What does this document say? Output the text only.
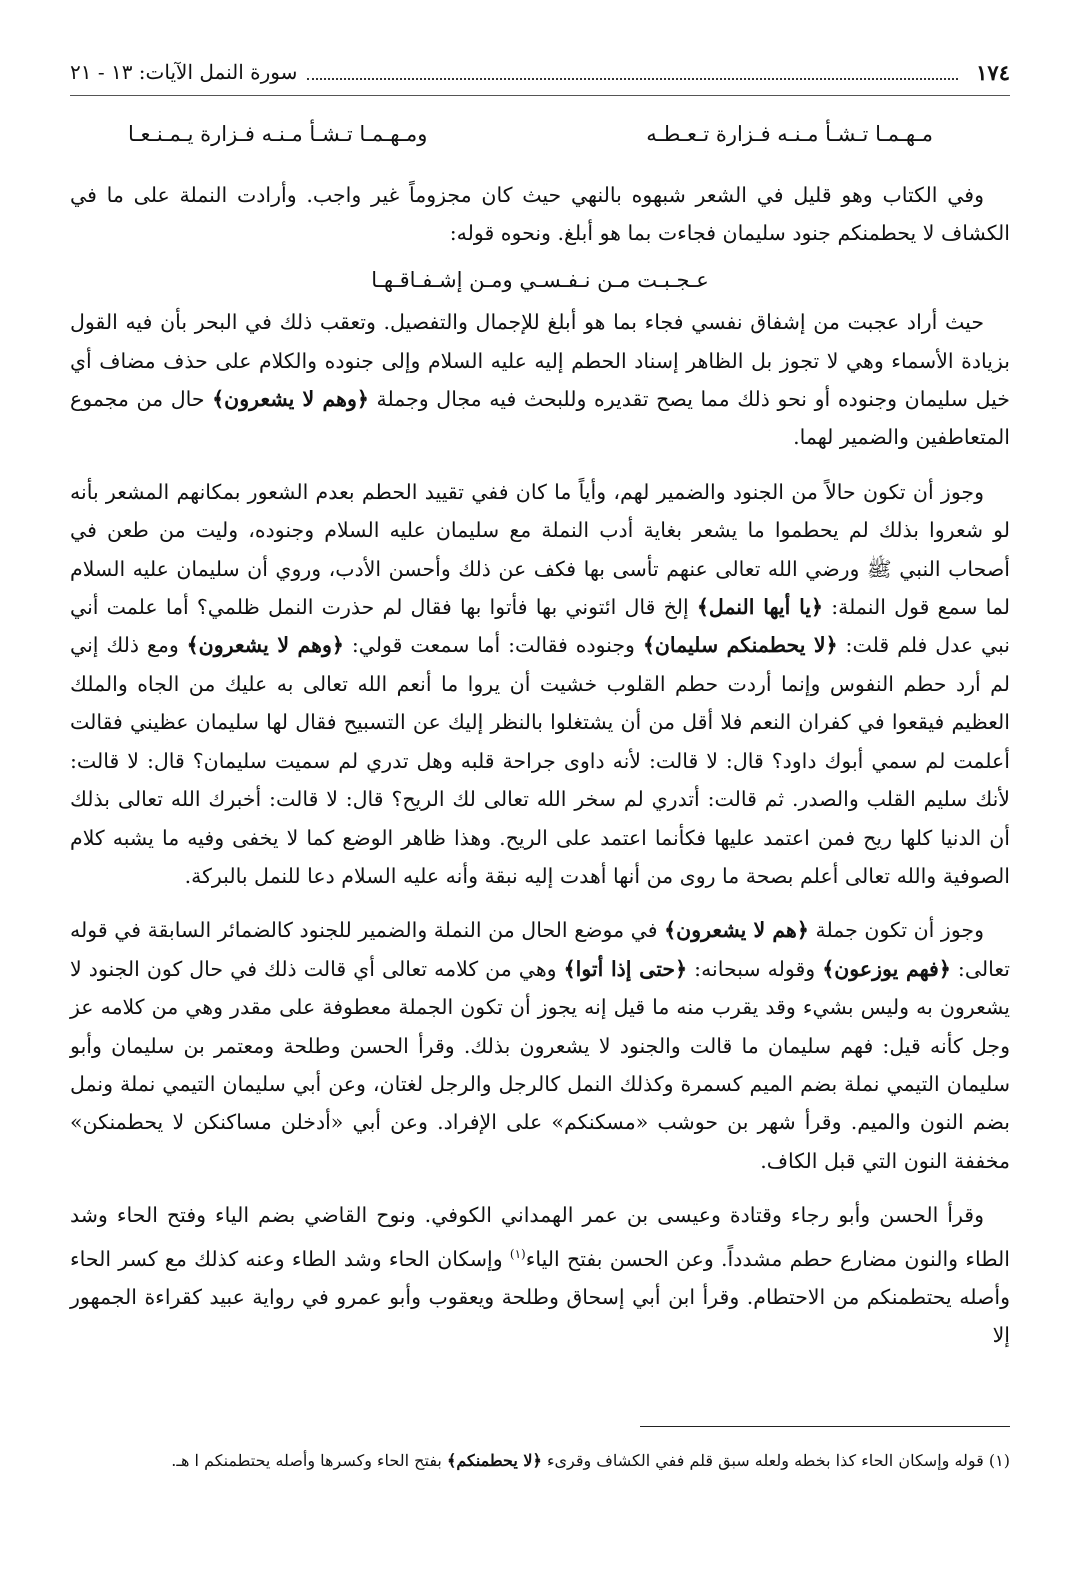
١٧٤
سورة النمل الآيات: ١٣ - ٢١
مـهـمـا تـشـأ مـنـه فـزارة تـعـطـه
ومـهـمـا تـشـأ مـنـه فـزارة يـمـنـعـا

وفي الكتاب وهو قليل في الشعر شبهوه بالنهي حيث كان مجزوماً غير واجب. وأرادت النملة على ما في الكشاف لا يحطمنكم جنود سليمان فجاءت بما هو أبلغ. ونحوه قوله:

عـجـبـت مـن نـفـسـي ومـن إشـفـاقـهـا

حيث أراد عجبت من إشفاق نفسي فجاء بما هو أبلغ للإجمال والتفصيل. وتعقب ذلك في البحر بأن فيه القول بزيادة الأسماء وهي لا تجوز بل الظاهر إسناد الحطم إليه عليه السلام وإلى جنوده والكلام على حذف مضاف أي خيل سليمان وجنوده أو نحو ذلك مما يصح تقديره وللبحث فيه مجال وجملة ﴿وهم لا يشعرون﴾ حال من مجموع المتعاطفين والضمير لهما.

وجوز أن تكون حالاً من الجنود والضمير لهم، وأياً ما كان ففي تقييد الحطم بعدم الشعور بمكانهم المشعر بأنه لو شعروا بذلك لم يحطموا ما يشعر بغاية أدب النملة مع سليمان عليه السلام وجنوده، وليت من طعن في أصحاب النبي ﷺ ورضي الله تعالى عنهم تأسى بها فكف عن ذلك وأحسن الأدب، وروي أن سليمان عليه السلام لما سمع قول النملة: ﴿يا أيها النمل﴾ إلخ قال ائتوني بها فأتوا بها فقال لم حذرت النمل ظلمي؟ أما علمت أني نبي عدل فلم قلت: ﴿لا يحطمنكم سليمان﴾ وجنوده فقالت: أما سمعت قولي: ﴿وهم لا يشعرون﴾ ومع ذلك إني لم أرد حطم النفوس وإنما أردت حطم القلوب خشيت أن يروا ما أنعم الله تعالى به عليك من الجاه والملك العظيم فيقعوا في كفران النعم فلا أقل من أن يشتغلوا بالنظر إليك عن التسبيح فقال لها سليمان عظيني فقالت أعلمت لم سمي أبوك داود؟ قال: لا قالت: لأنه داوى جراحة قلبه وهل تدري لم سميت سليمان؟ قال: لا قالت: لأنك سليم القلب والصدر. ثم قالت: أتدري لم سخر الله تعالى لك الريح؟ قال: لا قالت: أخبرك الله تعالى بذلك أن الدنيا كلها ريح فمن اعتمد عليها فكأنما اعتمد على الريح. وهذا ظاهر الوضع كما لا يخفى وفيه ما يشبه كلام الصوفية والله تعالى أعلم بصحة ما روى من أنها أهدت إليه نبقة وأنه عليه السلام دعا للنمل بالبركة.

وجوز أن تكون جملة ﴿هم لا يشعرون﴾ في موضع الحال من النملة والضمير للجنود كالضمائر السابقة في قوله تعالى: ﴿فهم يوزعون﴾ وقوله سبحانه: ﴿حتى إذا أتوا﴾ وهي من كلامه تعالى أي قالت ذلك في حال كون الجنود لا يشعرون به وليس بشيء وقد يقرب منه ما قيل إنه يجوز أن تكون الجملة معطوفة على مقدر وهي من كلامه عز وجل كأنه قيل: فهم سليمان ما قالت والجنود لا يشعرون بذلك. وقرأ الحسن وطلحة ومعتمر بن سليمان وأبو سليمان التيمي نملة بضم الميم كسمرة وكذلك النمل كالرجل والرجل لغتان، وعن أبي سليمان التيمي نملة ونمل بضم النون والميم. وقرأ شهر بن حوشب «مسكنكم» على الإفراد. وعن أبي «أدخلن مساكنكن لا يحطمنكن» مخففة النون التي قبل الكاف.

وقرأ الحسن وأبو رجاء وقتادة وعيسى بن عمر الهمداني الكوفي. ونوح القاضي بضم الياء وفتح الحاء وشد الطاء والنون مضارع حطم مشدداً. وعن الحسن بفتح الياء$^{(١)}$ وإسكان الحاء وشد الطاء وعنه كذلك مع كسر الحاء وأصله يحتطمنكم من الاحتطام. وقرأ ابن أبي إسحاق وطلحة ويعقوب وأبو عمرو في رواية عبيد كقراءة الجمهور إلا

(١) قوله وإسكان الحاء كذا بخطه ولعله سبق قلم ففي الكشاف وقرىء ﴿لا يحطمنكم﴾ بفتح الحاء وكسرها وأصله يحتطمنكم ا هـ.
